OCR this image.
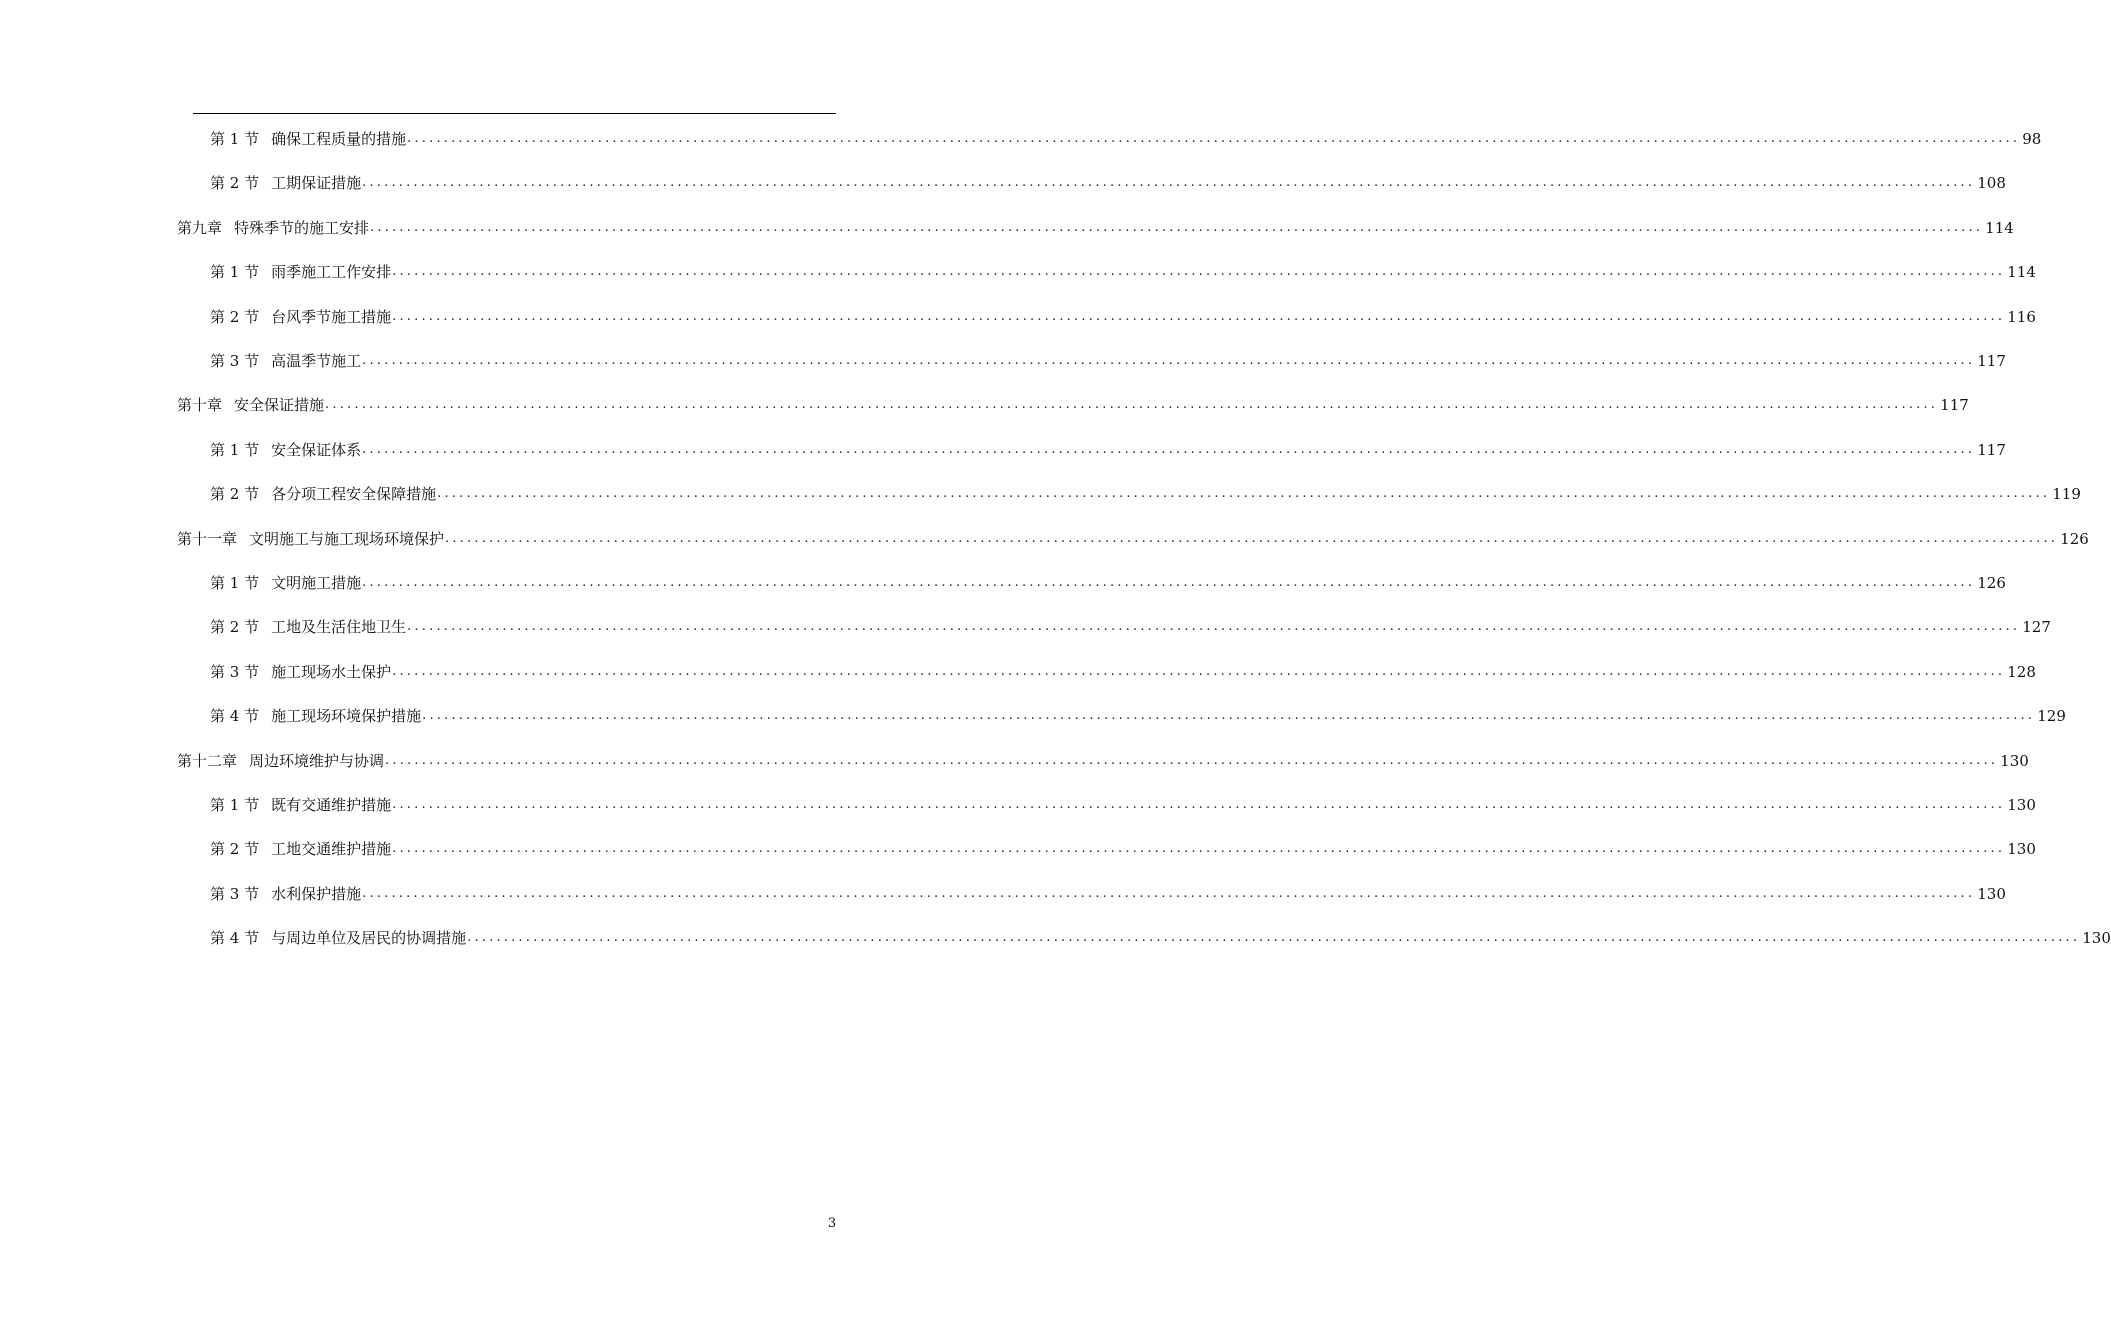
第 1 节 确保工程质量的措施 ............................................................................................................................................................................................................................ 98
第 2 节 工期保证措施 ............................................................................................................................................................................................................................ 108
第九章 特殊季节的施工安排 ............................................................................................................................................................................................................................ 114
第 1 节 雨季施工工作安排 ............................................................................................................................................................................................................................ 114
第 2 节 台风季节施工措施 ............................................................................................................................................................................................................................ 116
第 3 节 高温季节施工 ............................................................................................................................................................................................................................ 117
第十章 安全保证措施 ............................................................................................................................................................................................................................ 117
第 1 节 安全保证体系 ............................................................................................................................................................................................................................ 117
第 2 节 各分项工程安全保障措施 ............................................................................................................................................................................................................................ 119
第十一章 文明施工与施工现场环境保护 ............................................................................................................................................................................................................................ 126
第 1 节 文明施工措施 ............................................................................................................................................................................................................................ 126
第 2 节 工地及生活住地卫生 ............................................................................................................................................................................................................................ 127
第 3 节 施工现场水土保护 ............................................................................................................................................................................................................................ 128
第 4 节 施工现场环境保护措施 ............................................................................................................................................................................................................................ 129
第十二章 周边环境维护与协调 ............................................................................................................................................................................................................................ 130
第 1 节 既有交通维护措施 ............................................................................................................................................................................................................................ 130
第 2 节 工地交通维护措施 ............................................................................................................................................................................................................................ 130
第 3 节 水利保护措施 ............................................................................................................................................................................................................................ 130
第 4 节 与周边单位及居民的协调措施 ............................................................................................................................................................................................................................ 130
3
